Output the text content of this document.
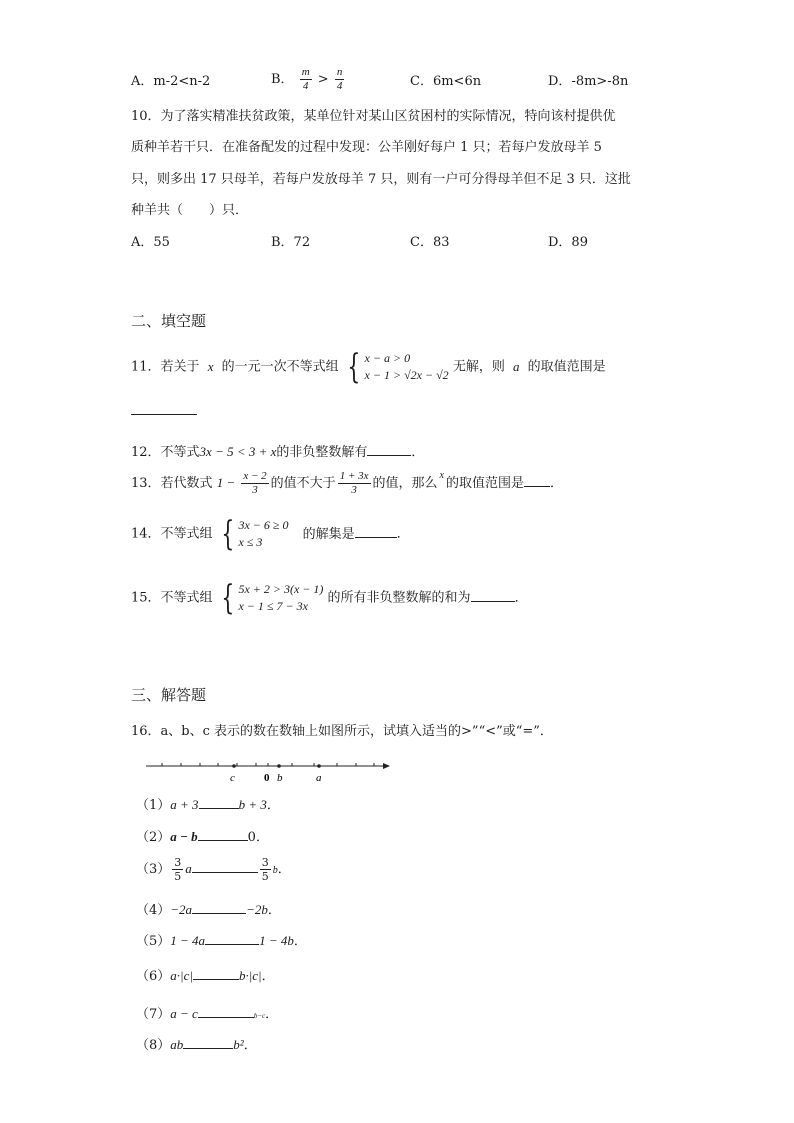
A．m-2<n-2	B． $\frac{m}{4} > \frac{n}{4}$	C．6m<6n	D．-8m>-8n
10．为了落实精准扶贫政策，某单位针对某山区贫困村的实际情况，特向该村提供优
质种羊若干只．在准备配发的过程中发现：公羊刚好每户 1 只；若每户发放母羊 5
只，则多出 17 只母羊，若每户发放母羊 7 只，则有一户可分得母羊但不足 3 只．这批
种羊共（　　）只．
A．55	B．72	C．83	D．89
二、填空题
11．若关于 x 的一元一次不等式组 { x − a > 0
x − 1 > √2x − √2
无解，则 a 的取值范围是
12．不等式3x − 5 < 3 + x的非负整数解有	．
13．若代数式 $1 - \frac{x - 2}{3}$ 的值不大于 $\frac{1 + 3x}{3}$ 的值，那么$^x$的取值范围是 ．
14．不等式组 { 3x − 6 ≥ 0
x ≤ 3
的解集是	．
15．不等式组 { 5x + 2 > 3(x − 1)
x − 1 ≤ 7 − 3x
的所有非负整数解的和为	．
三、解答题
16．a、b、c 表示的数在数轴上如图所示，试填入适当的>”“<”或“=”．
c	0 b	a
（1）a + 3	b + 3．
（2）a − b	0．
$(3) \frac{3}{5}$ a	$\frac{3}{5}$ b．
（4）−2a	−2b．
（5）1 − 4a	1 − 4b．
（6）a·|c|	b·|c|．
（7）a − c	b−c．
（8）ab	b²．
